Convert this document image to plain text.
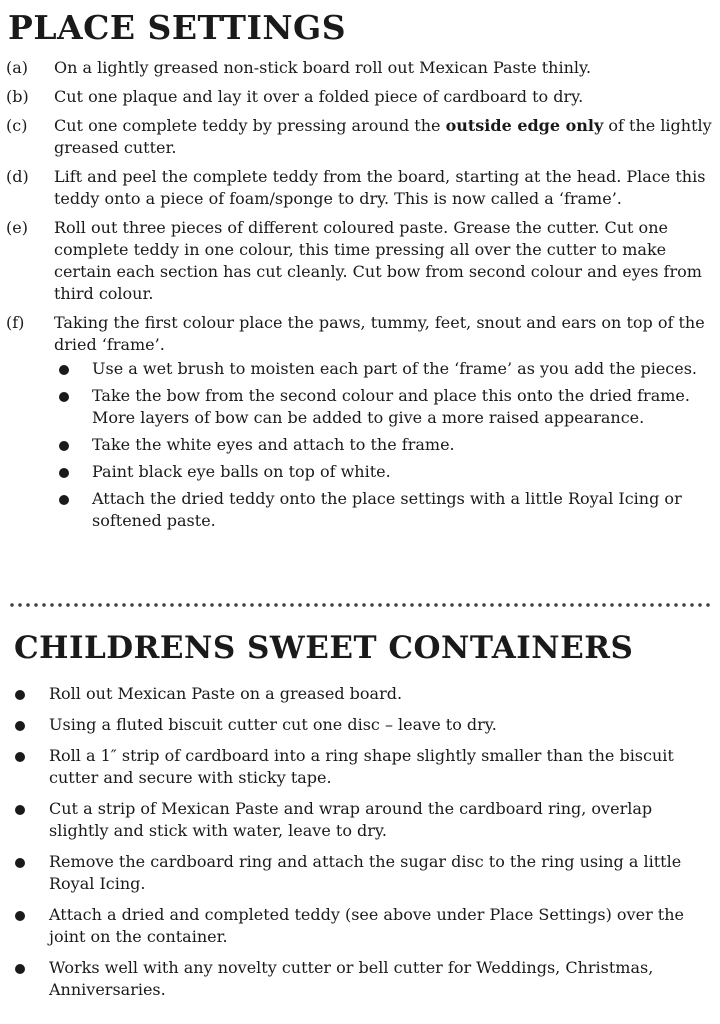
PLACE SETTINGS
(a) On a lightly greased non-stick board roll out Mexican Paste thinly.
(b) Cut one plaque and lay it over a folded piece of cardboard to dry.
(c) Cut one complete teddy by pressing around the outside edge only of the lightly greased cutter.
(d) Lift and peel the complete teddy from the board, starting at the head. Place this teddy onto a piece of foam/sponge to dry. This is now called a ‘frame’.
(e) Roll out three pieces of different coloured paste. Grease the cutter. Cut one complete teddy in one colour, this time pressing all over the cutter to make certain each section has cut cleanly. Cut bow from second colour and eyes from third colour.
(f) Taking the first colour place the paws, tummy, feet, snout and ears on top of the dried ‘frame’.
Use a wet brush to moisten each part of the ‘frame’ as you add the pieces.
Take the bow from the second colour and place this onto the dried frame. More layers of bow can be added to give a more raised appearance.
Take the white eyes and attach to the frame.
Paint black eye balls on top of white.
Attach the dried teddy onto the place settings with a little Royal Icing or softened paste.
CHILDRENS SWEET CONTAINERS
Roll out Mexican Paste on a greased board.
Using a fluted biscuit cutter cut one disc – leave to dry.
Roll a 1″ strip of cardboard into a ring shape slightly smaller than the biscuit cutter and secure with sticky tape.
Cut a strip of Mexican Paste and wrap around the cardboard ring, overlap slightly and stick with water, leave to dry.
Remove the cardboard ring and attach the sugar disc to the ring using a little Royal Icing.
Attach a dried and completed teddy (see above under Place Settings) over the joint on the container.
Works well with any novelty cutter or bell cutter for Weddings, Christmas, Anniversaries.
